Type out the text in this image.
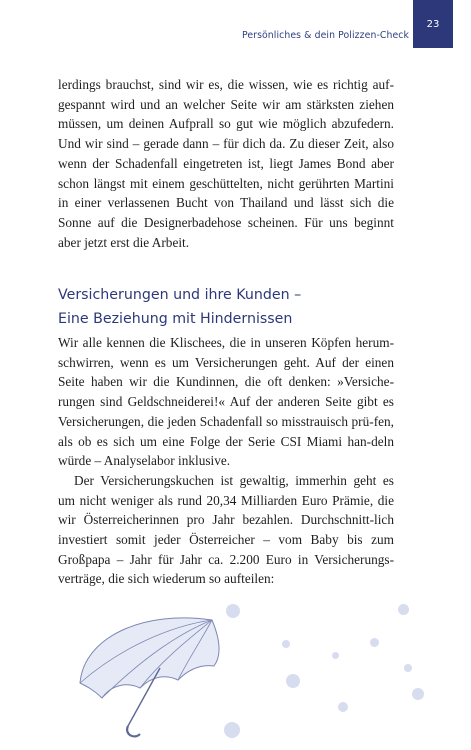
Persönliches & dein Polizzen-Check
23

lerdings brauchst, sind wir es, die wissen, wie es richtig auf-gespannt wird und an welcher Seite wir am stärksten ziehen müssen, um deinen Aufprall so gut wie möglich abzufedern. Und wir sind – gerade dann – für dich da. Zu dieser Zeit, also wenn der Schadenfall eingetreten ist, liegt James Bond aber schon längst mit einem geschüttelten, nicht gerührten Martini in einer verlassenen Bucht von Thailand und lässt sich die Sonne auf die Designerbadehose scheinen. Für uns beginnt aber jetzt erst die Arbeit.

Versicherungen und ihre Kunden –
Eine Beziehung mit Hindernissen

Wir alle kennen die Klischees, die in unseren Köpfen herum-schwirren, wenn es um Versicherungen geht. Auf der einen Seite haben wir die Kundinnen, die oft denken: »Versiche-rungen sind Geldschneiderei!« Auf der anderen Seite gibt es Versicherungen, die jeden Schadenfall so misstrauisch prü-fen, als ob es sich um eine Folge der Serie CSI Miami han-deln würde – Analyselabor inklusive.

Der Versicherungskuchen ist gewaltig, immerhin geht es um nicht weniger als rund 20,34 Milliarden Euro Prämie, die wir Österreicherinnen pro Jahr bezahlen. Durchschnitt-lich investiert somit jeder Österreicher – vom Baby bis zum Großpapa – Jahr für Jahr ca. 2.200 Euro in Versicherungs-verträge, die sich wiederum so aufteilen:
